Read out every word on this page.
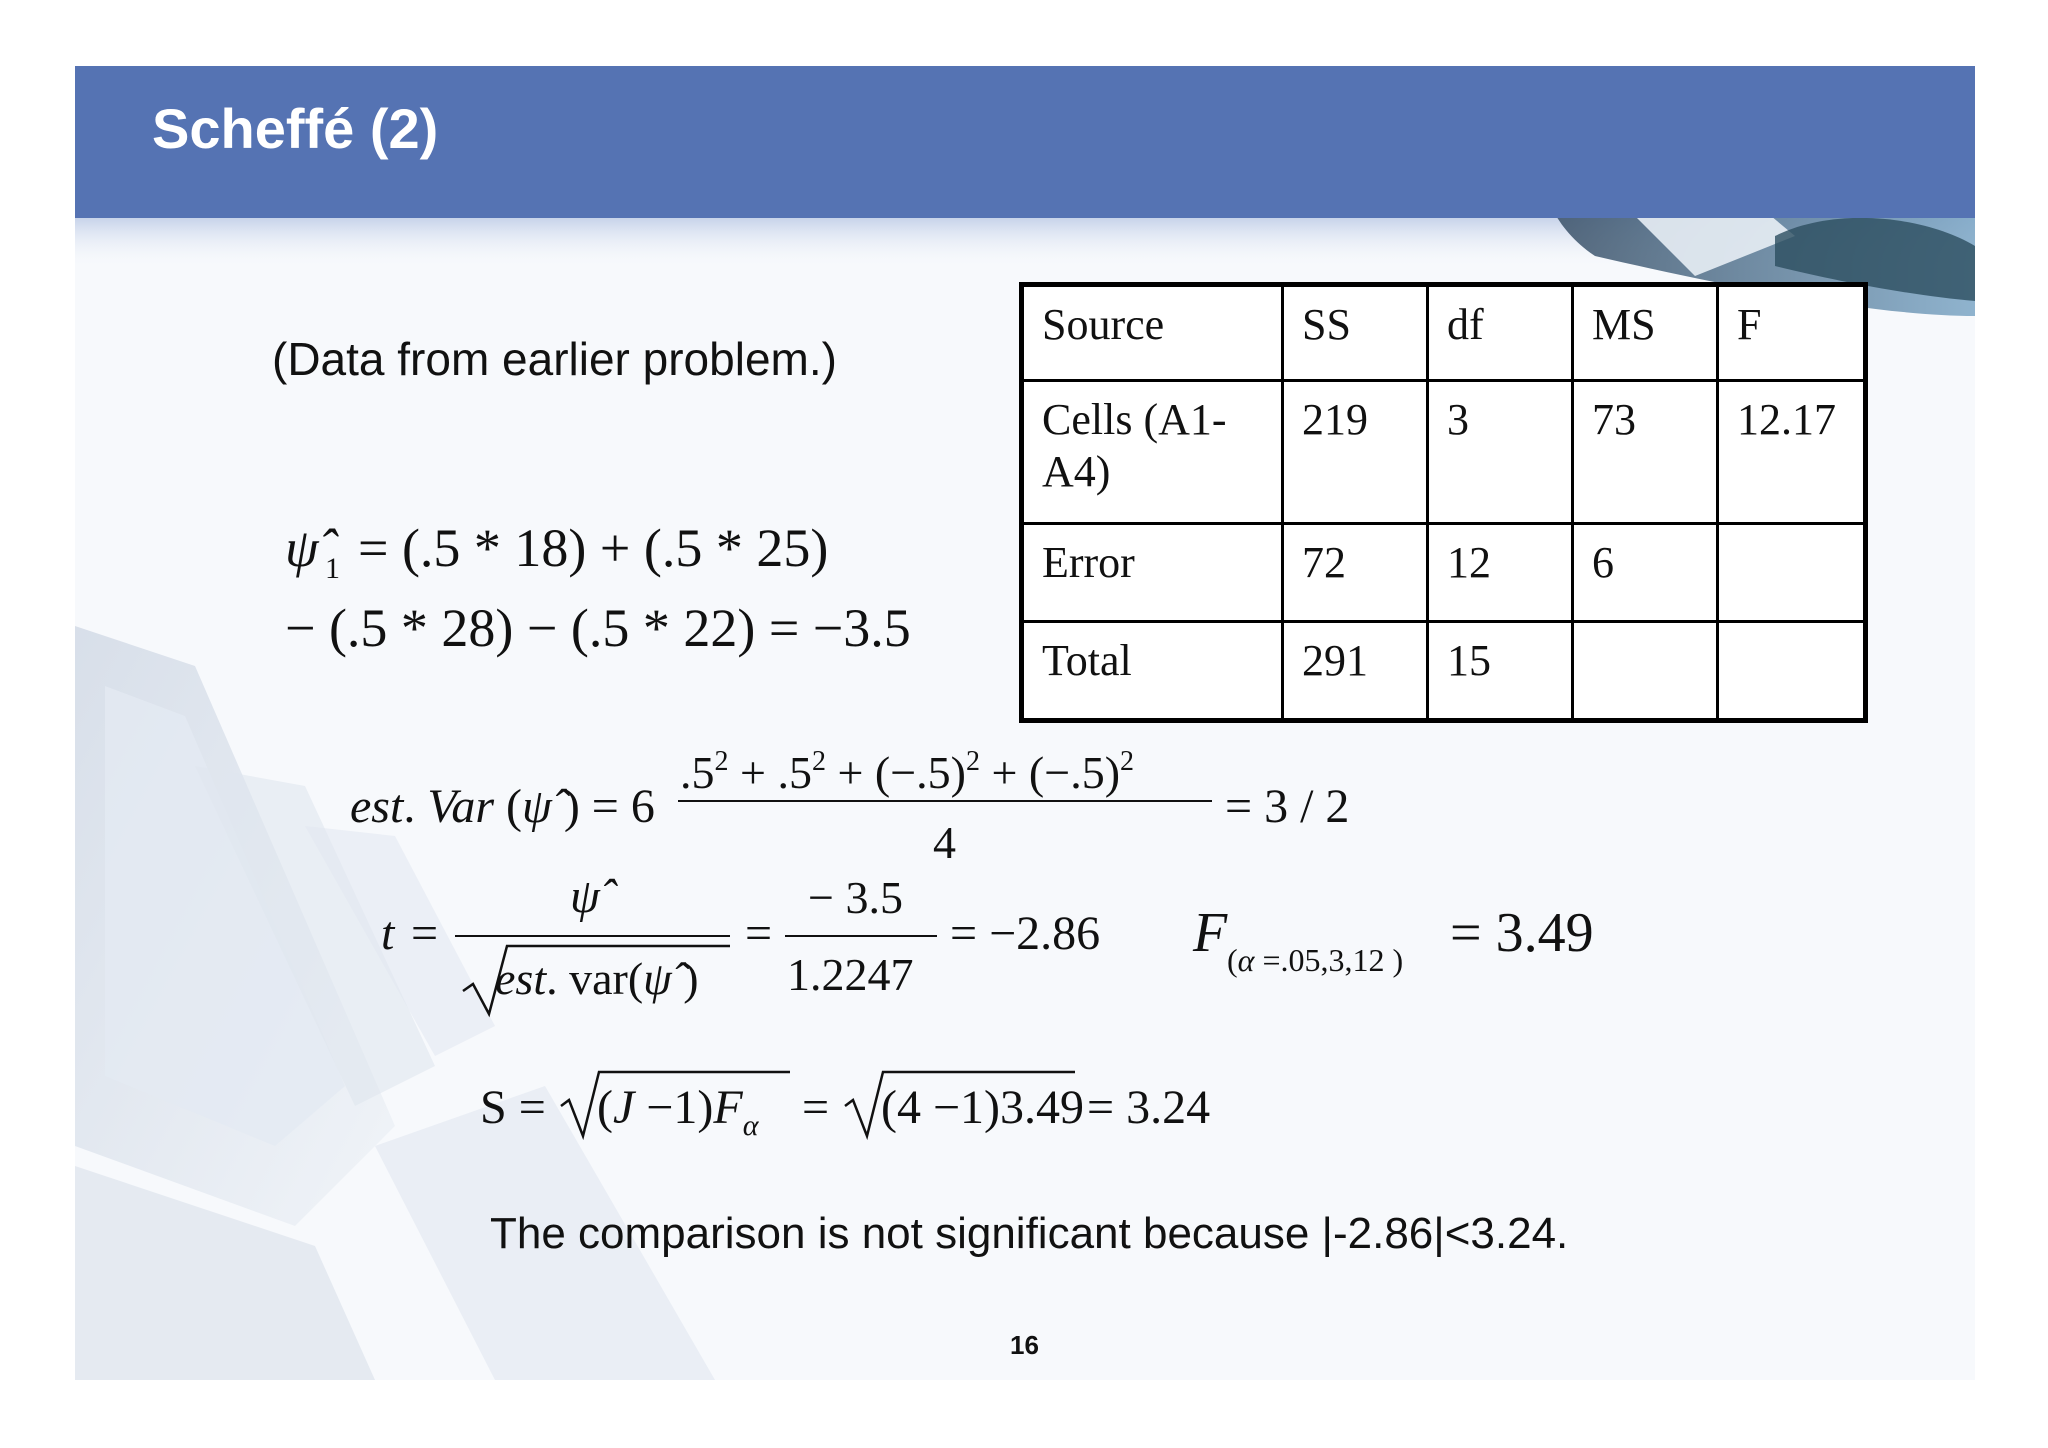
Scheffé (2)
(Data from earlier problem.)
Source	SS	df	MS	F
Cells (A1-A4)	219	3	73	12.17
Error	72	12	6	
Total	291	15		
ψ̂ 1 = (.5 * 18) + (.5 * 25)
− (.5 * 28) − (.5 * 22) = −3.5
est. Var (ψ̂ ) = 6
$.5^2 + .5^2 + (-.5)^2 + (-.5)^2$
4
= 3 / 2
t =
ψ̂
est. var(ψ̂ )
=
− 3.5
1.2247
= −2.86 F (α =.05,3,12 ) = 3.49
$S = (J -1)F_\alpha = (4 -1)3.49 = 3.24$
The comparison is not significant because |-2.86|<3.24.
16
